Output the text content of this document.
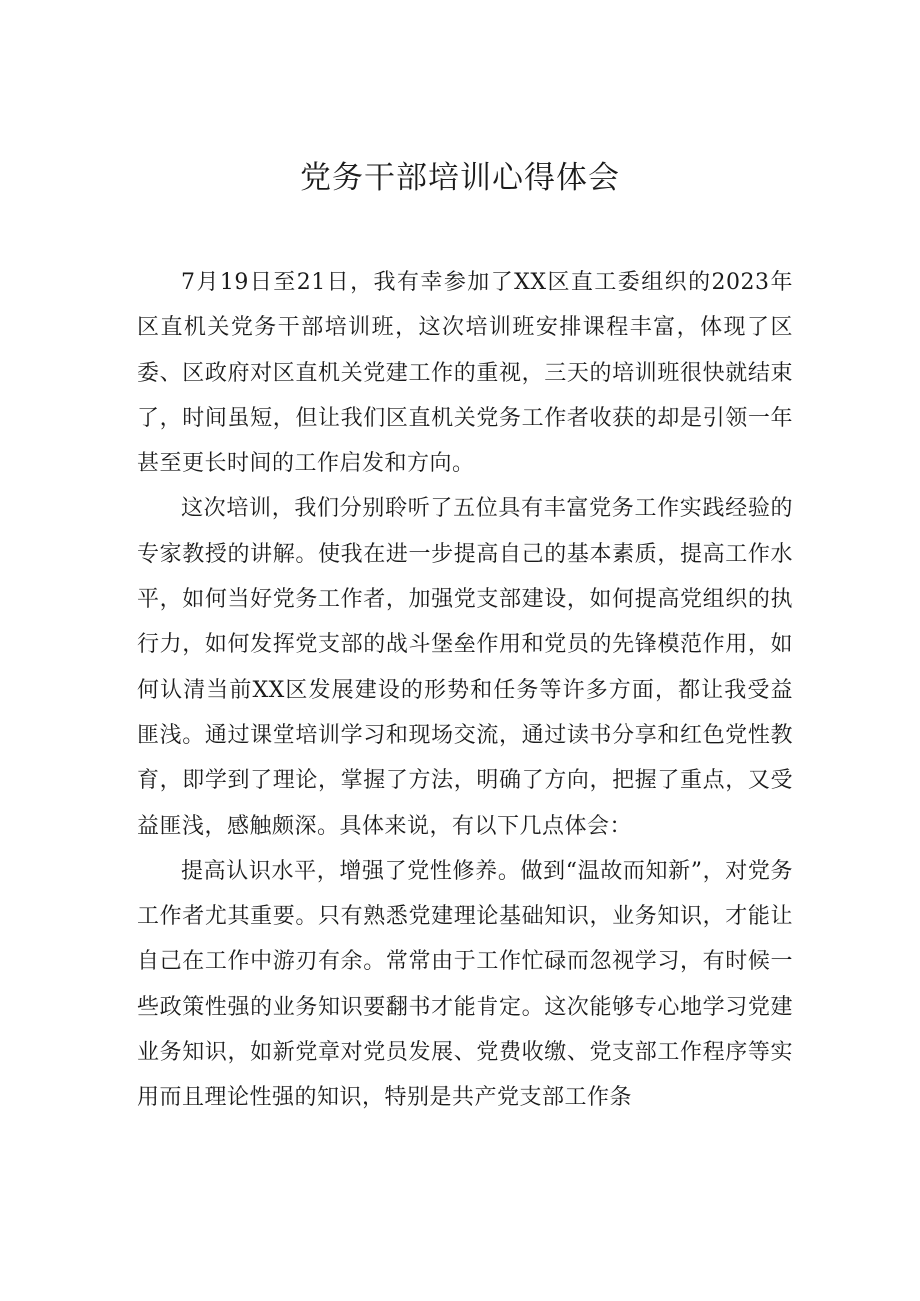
党务干部培训心得体会

7月19日至21日，我有幸参加了XX区直工委组织的2023年区直机关党务干部培训班，这次培训班安排课程丰富，体现了区委、区政府对区直机关党建工作的重视，三天的培训班很快就结束了，时间虽短，但让我们区直机关党务工作者收获的却是引领一年甚至更长时间的工作启发和方向。

这次培训，我们分别聆听了五位具有丰富党务工作实践经验的专家教授的讲解。使我在进一步提高自己的基本素质，提高工作水平，如何当好党务工作者，加强党支部建设，如何提高党组织的执行力，如何发挥党支部的战斗堡垒作用和党员的先锋模范作用，如何认清当前XX区发展建设的形势和任务等许多方面，都让我受益匪浅。通过课堂培训学习和现场交流，通过读书分享和红色党性教育，即学到了理论，掌握了方法，明确了方向，把握了重点，又受益匪浅，感触颇深。具体来说，有以下几点体会：

提高认识水平，增强了党性修养。做到“温故而知新”，对党务工作者尤其重要。只有熟悉党建理论基础知识，业务知识，才能让自己在工作中游刃有余。常常由于工作忙碌而忽视学习，有时候一些政策性强的业务知识要翻书才能肯定。这次能够专心地学习党建业务知识，如新党章对党员发展、党费收缴、党支部工作程序等实用而且理论性强的知识，特别是共产党支部工作条
